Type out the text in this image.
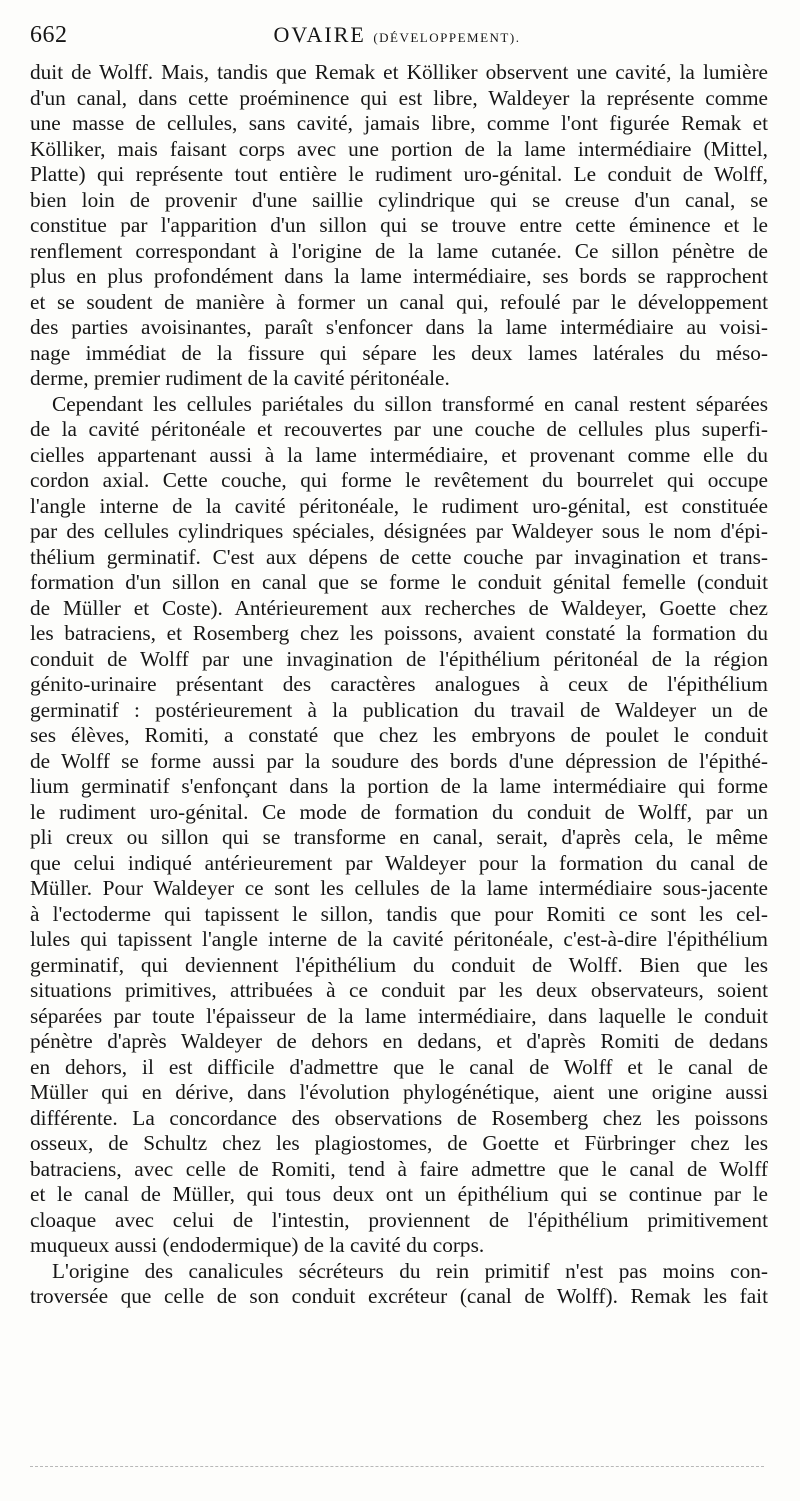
662	OVAIRE (DÉVELOPPEMENT).
duit de Wolff. Mais, tandis que Remak et Kölliker observent une cavité, la lumière
d'un canal, dans cette proéminence qui est libre, Waldeyer la représente comme
une masse de cellules, sans cavité, jamais libre, comme l'ont figurée Remak et
Kölliker, mais faisant corps avec une portion de la lame intermédiaire (Mittel,
Platte) qui représente tout entière le rudiment uro-génital. Le conduit de Wolff,
bien loin de provenir d'une saillie cylindrique qui se creuse d'un canal, se
constitue par l'apparition d'un sillon qui se trouve entre cette éminence et le
renflement correspondant à l'origine de la lame cutanée. Ce sillon pénètre de
plus en plus profondément dans la lame intermédiaire, ses bords se rapprochent
et se soudent de manière à former un canal qui, refoulé par le développement
des parties avoisinantes, paraît s'enfoncer dans la lame intermédiaire au voisi-
nage immédiat de la fissure qui sépare les deux lames latérales du méso-
derme, premier rudiment de la cavité péritonéale.
Cependant les cellules pariétales du sillon transformé en canal restent séparées
de la cavité péritonéale et recouvertes par une couche de cellules plus superfi-
cielles appartenant aussi à la lame intermédiaire, et provenant comme elle du
cordon axial. Cette couche, qui forme le revêtement du bourrelet qui occupe
l'angle interne de la cavité péritonéale, le rudiment uro-génital, est constituée
par des cellules cylindriques spéciales, désignées par Waldeyer sous le nom d'épi-
thélium germinatif. C'est aux dépens de cette couche par invagination et trans-
formation d'un sillon en canal que se forme le conduit génital femelle (conduit
de Müller et Coste). Antérieurement aux recherches de Waldeyer, Goette chez
les batraciens, et Rosemberg chez les poissons, avaient constaté la formation du
conduit de Wolff par une invagination de l'épithélium péritonéal de la région
génito-urinaire présentant des caractères analogues à ceux de l'épithélium
germinatif : postérieurement à la publication du travail de Waldeyer un de
ses élèves, Romiti, a constaté que chez les embryons de poulet le conduit
de Wolff se forme aussi par la soudure des bords d'une dépression de l'épithé-
lium germinatif s'enfonçant dans la portion de la lame intermédiaire qui forme
le rudiment uro-génital. Ce mode de formation du conduit de Wolff, par un
pli creux ou sillon qui se transforme en canal, serait, d'après cela, le même
que celui indiqué antérieurement par Waldeyer pour la formation du canal de
Müller. Pour Waldeyer ce sont les cellules de la lame intermédiaire sous-jacente
à l'ectoderme qui tapissent le sillon, tandis que pour Romiti ce sont les cel-
lules qui tapissent l'angle interne de la cavité péritonéale, c'est-à-dire l'épithélium
germinatif, qui deviennent l'épithélium du conduit de Wolff. Bien que les
situations primitives, attribuées à ce conduit par les deux observateurs, soient
séparées par toute l'épaisseur de la lame intermédiaire, dans laquelle le conduit
pénètre d'après Waldeyer de dehors en dedans, et d'après Romiti de dedans
en dehors, il est difficile d'admettre que le canal de Wolff et le canal de
Müller qui en dérive, dans l'évolution phylogénétique, aient une origine aussi
différente. La concordance des observations de Rosemberg chez les poissons
osseux, de Schultz chez les plagiostomes, de Goette et Fürbringer chez les
batraciens, avec celle de Romiti, tend à faire admettre que le canal de Wolff
et le canal de Müller, qui tous deux ont un épithélium qui se continue par le
cloaque avec celui de l'intestin, proviennent de l'épithélium primitivement
muqueux aussi (endodermique) de la cavité du corps.
L'origine des canalicules sécréteurs du rein primitif n'est pas moins con-
troversée que celle de son conduit excréteur (canal de Wolff). Remak les fait
